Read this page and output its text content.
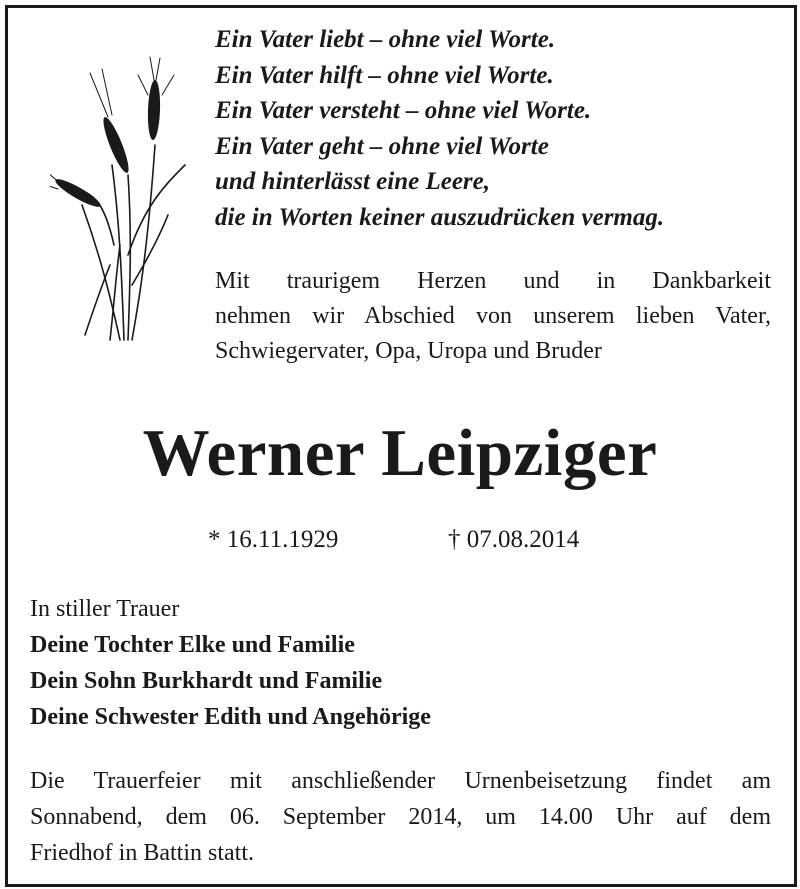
Ein Vater liebt – ohne viel Worte.
Ein Vater hilft – ohne viel Worte.
Ein Vater versteht – ohne viel Worte.
Ein Vater geht – ohne viel Worte
und hinterlässt eine Leere,
die in Worten keiner auszudrücken vermag.
Mit traurigem Herzen und in Dankbarkeit
nehmen wir Abschied von unserem lieben Vater,
Schwiegervater, Opa, Uropa und Bruder
Werner Leipziger
* 16.11.1929	† 07.08.2014
In stiller Trauer
Deine Tochter Elke und Familie
Dein Sohn Burkhardt und Familie
Deine Schwester Edith und Angehörige
Die Trauerfeier mit anschließender Urnenbeisetzung findet am
Sonnabend, dem 06. September 2014, um 14.00 Uhr auf dem
Friedhof in Battin statt.
